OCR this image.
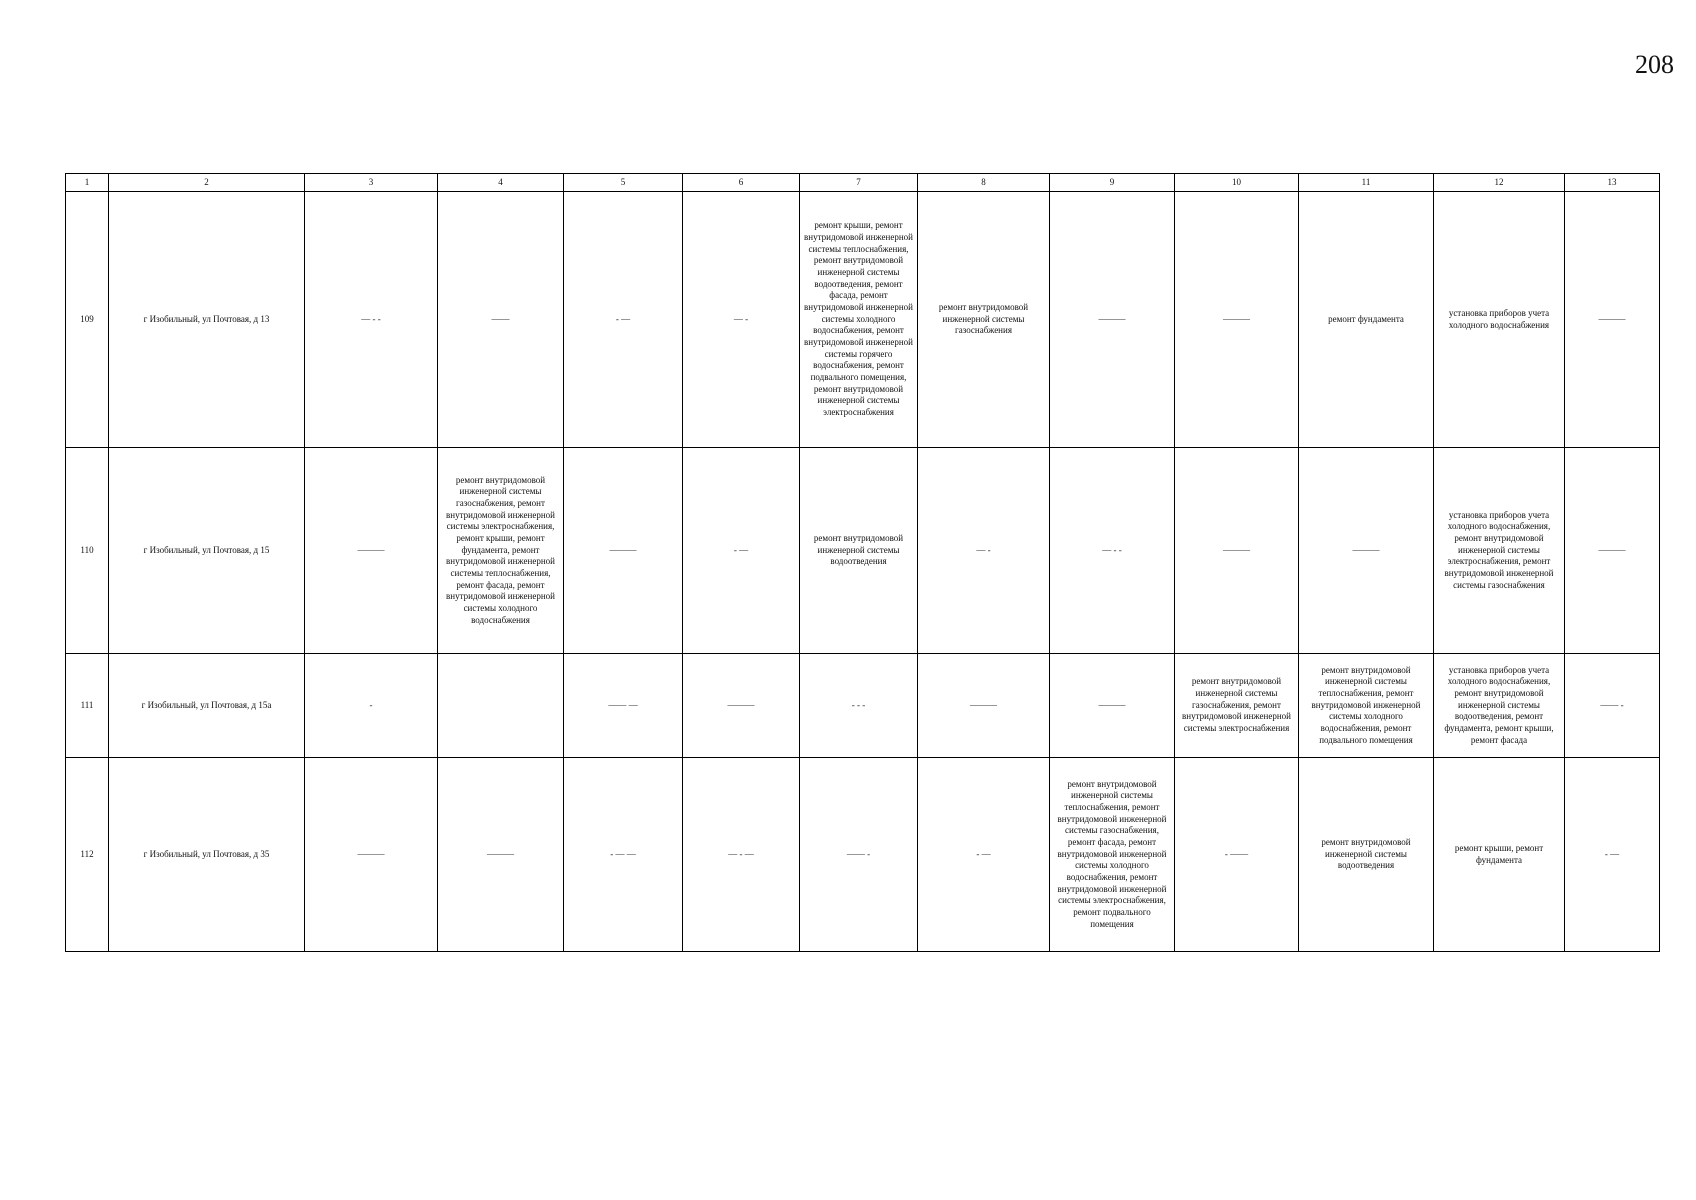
208
1	2	3	4	5	6	7	8	9	10	11	12	13
109	г Изобильный, ул Почтовая, д 13	— - -	——	- —	— -	ремонт крыши, ремонт внутридомовой инженерной системы теплоснабжения, ремонт внутридомовой инженерной системы водоотведения, ремонт фасада, ремонт внутридомовой инженерной системы холодного водоснабжения, ремонт внутридомовой инженерной системы горячего водоснабжения, ремонт подвального помещения, ремонт внутридомовой инженерной системы электроснабжения	ремонт внутридомовой инженерной системы газоснабжения	———	———	ремонт фундамента	установка приборов учета холодного водоснабжения	———
110	г Изобильный, ул Почтовая, д 15	———	ремонт внутридомовой инженерной системы газоснабжения, ремонт внутридомовой инженерной системы электроснабжения, ремонт крыши, ремонт фундамента, ремонт внутридомовой инженерной системы теплоснабжения, ремонт фасада, ремонт внутридомовой инженерной системы холодного водоснабжения	———	- —	ремонт внутридомовой инженерной системы водоотведения	— -	— - -	———	———	установка приборов учета холодного водоснабжения, ремонт внутридомовой инженерной системы электроснабжения, ремонт внутридомовой инженерной системы газоснабжения	———
111	г Изобильный, ул Почтовая, д 15а	-		—— —	———	- - -	———	———	ремонт внутридомовой инженерной системы газоснабжения, ремонт внутридомовой инженерной системы электроснабжения	ремонт внутридомовой инженерной системы теплоснабжения, ремонт внутридомовой инженерной системы холодного водоснабжения, ремонт подвального помещения	установка приборов учета холодного водоснабжения, ремонт внутридомовой инженерной системы водоотведения, ремонт фундамента, ремонт крыши, ремонт фасада	—— -
112	г Изобильный, ул Почтовая, д 35	———	———	- — —	— - —	—— -	- —	ремонт внутридомовой инженерной системы теплоснабжения, ремонт внутридомовой инженерной системы газоснабжения, ремонт фасада, ремонт внутридомовой инженерной системы холодного водоснабжения, ремонт внутридомовой инженерной системы электроснабжения, ремонт подвального помещения	- ——	ремонт внутридомовой инженерной системы водоотведения	ремонт крыши, ремонт фундамента	- —
